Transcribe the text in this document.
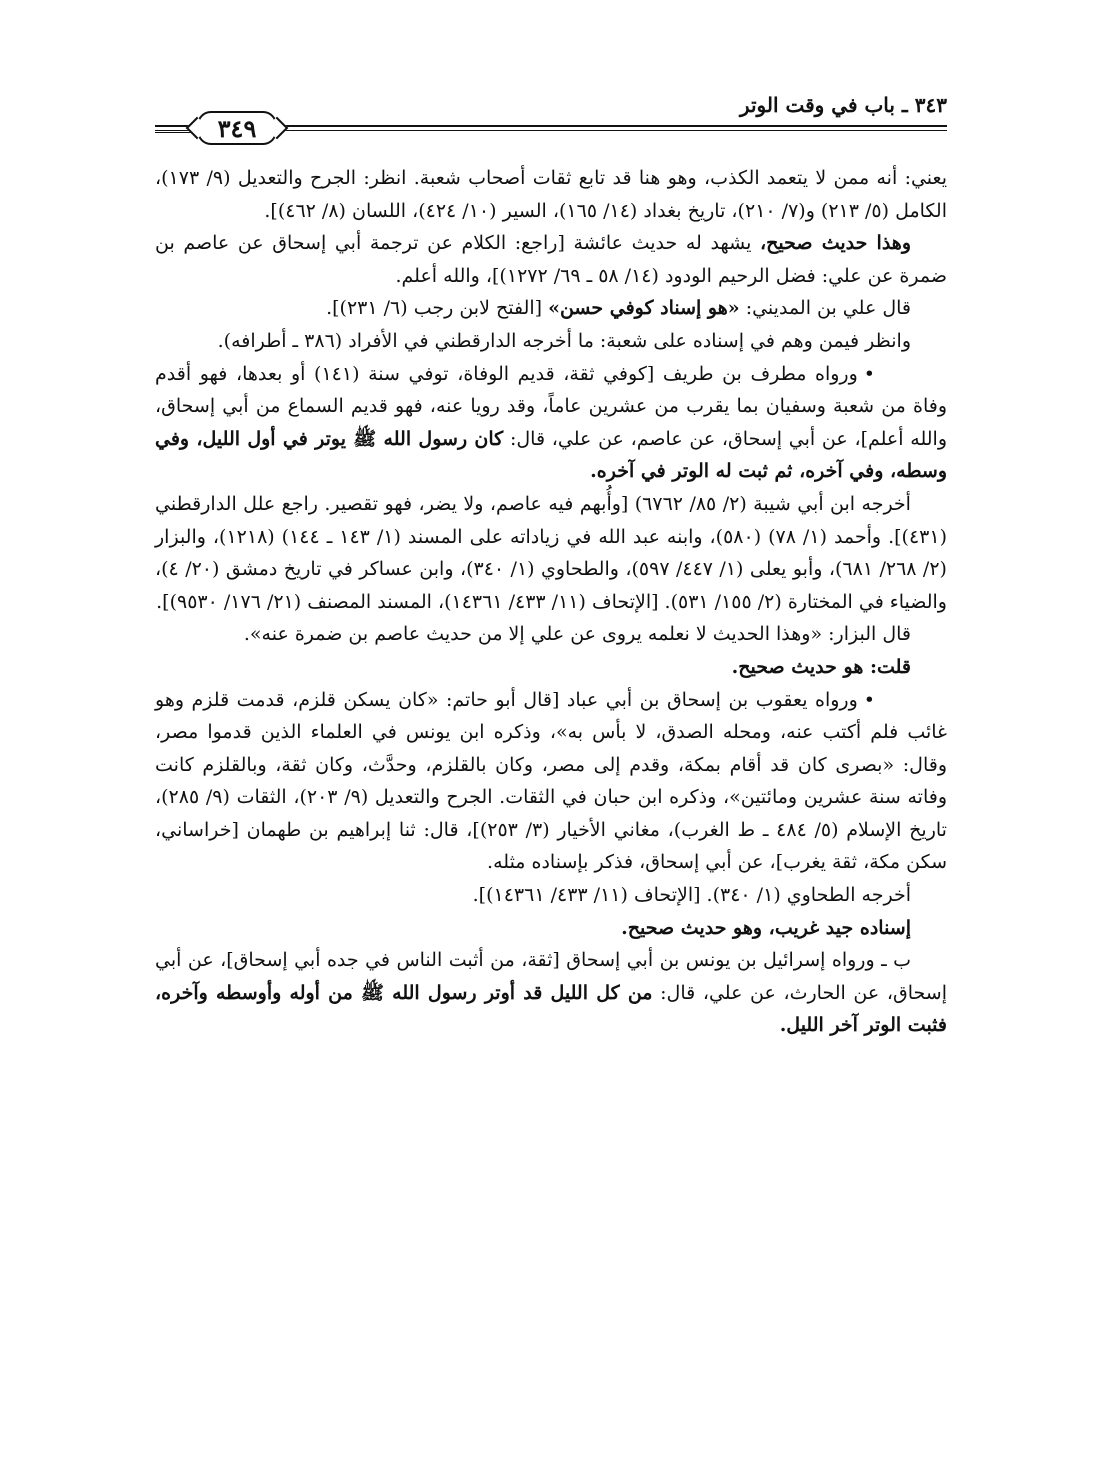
٣٤٣ ـ باب في وقت الوتر
٣٤٩

يعني: أنه ممن لا يتعمد الكذب، وهو هنا قد تابع ثقات أصحاب شعبة. انظر: الجرح والتعديل (٩/ ١٧٣)، الكامل (٥/ ٢١٣) و(٧/ ٢١٠)، تاريخ بغداد (١٤/ ١٦٥)، السير (١٠/ ٤٢٤)، اللسان (٨/ ٤٦٢)].

وهذا حديث صحيح، يشهد له حديث عائشة [راجع: الكلام عن ترجمة أبي إسحاق عن عاصم بن ضمرة عن علي: فضل الرحيم الودود (١٤/ ٥٨ ـ ٦٩/ ١٢٧٢)]، والله أعلم.

قال علي بن المديني: «هو إسناد كوفي حسن» [الفتح لابن رجب (٦/ ٢٣١)].

وانظر فيمن وهم في إسناده على شعبة: ما أخرجه الدارقطني في الأفراد (٣٨٦ ـ أطرافه).

•ورواه مطرف بن طريف [كوفي ثقة، قديم الوفاة، توفي سنة (١٤١) أو بعدها، فهو أقدم وفاة من شعبة وسفيان بما يقرب من عشرين عاماً، وقد رويا عنه، فهو قديم السماع من أبي إسحاق، والله أعلم]، عن أبي إسحاق، عن عاصم، عن علي، قال: كان رسول الله ﷺ يوتر في أول الليل، وفي وسطه، وفي آخره، ثم ثبت له الوتر في آخره.

أخرجه ابن أبي شيبة (٢/ ٨٥/ ٦٧٦٢) [وأُبهم فيه عاصم، ولا يضر، فهو تقصير. راجع علل الدارقطني (٤٣١)]. وأحمد (١/ ٧٨) (٥٨٠)، وابنه عبد الله في زياداته على المسند (١/ ١٤٣ ـ ١٤٤) (١٢١٨)، والبزار (٢/ ٢٦٨/ ٦٨١)، وأبو يعلى (١/ ٤٤٧/ ٥٩٧)، والطحاوي (١/ ٣٤٠)، وابن عساكر في تاريخ دمشق (٢٠/ ٤)، والضياء في المختارة (٢/ ١٥٥/ ٥٣١). [الإتحاف (١١/ ٤٣٣/ ١٤٣٦١)، المسند المصنف (٢١/ ١٧٦/ ٩٥٣٠)].

قال البزار: «وهذا الحديث لا نعلمه يروى عن علي إلا من حديث عاصم بن ضمرة عنه».

قلت: هو حديث صحيح.

•ورواه يعقوب بن إسحاق بن أبي عباد [قال أبو حاتم: «كان يسكن قلزم، قدمت قلزم وهو غائب فلم أكتب عنه، ومحله الصدق، لا بأس به»، وذكره ابن يونس في العلماء الذين قدموا مصر، وقال: «بصرى كان قد أقام بمكة، وقدم إلى مصر، وكان بالقلزم، وحدَّث، وكان ثقة، وبالقلزم كانت وفاته سنة عشرين ومائتين»، وذكره ابن حبان في الثقات. الجرح والتعديل (٩/ ٢٠٣)، الثقات (٩/ ٢٨٥)، تاريخ الإسلام (٥/ ٤٨٤ ـ ط الغرب)، مغاني الأخيار (٣/ ٢٥٣)]، قال: ثنا إبراهيم بن طهمان [خراساني، سكن مكة، ثقة يغرب]، عن أبي إسحاق، فذكر بإسناده مثله.

أخرجه الطحاوي (١/ ٣٤٠). [الإتحاف (١١/ ٤٣٣/ ١٤٣٦١)].

إسناده جيد غريب، وهو حديث صحيح.

ب ـ ورواه إسرائيل بن يونس بن أبي إسحاق [ثقة، من أثبت الناس في جده أبي إسحاق]، عن أبي إسحاق، عن الحارث، عن علي، قال: من كل الليل قد أوتر رسول الله ﷺ من أوله وأوسطه وآخره، فثبت الوتر آخر الليل.
